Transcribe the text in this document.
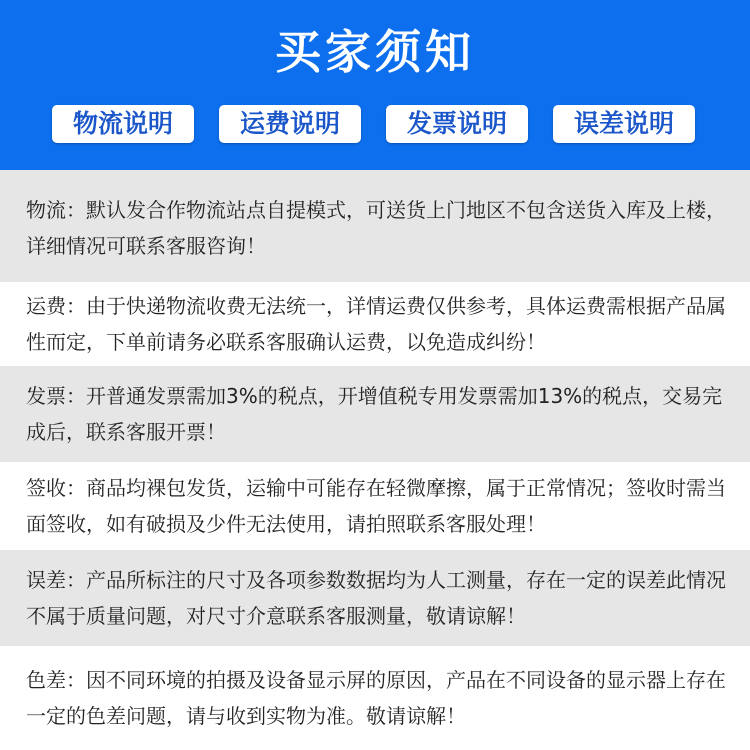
买家须知
物流说明	运费说明	发票说明	误差说明

物流：默认发合作物流站点自提模式，可送货上门地区不包含送货入库及上楼，详细情况可联系客服咨询！

运费：由于快递物流收费无法统一，详情运费仅供参考，具体运费需根据产品属性而定，下单前请务必联系客服确认运费，以免造成纠纷！

发票：开普通发票需加3%的税点，开增值税专用发票需加13%的税点，交易完成后，联系客服开票！

签收：商品均裸包发货，运输中可能存在轻微摩擦，属于正常情况；签收时需当面签收，如有破损及少件无法使用，请拍照联系客服处理！

误差：产品所标注的尺寸及各项参数数据均为人工测量，存在一定的误差此情况不属于质量问题，对尺寸介意联系客服测量，敬请谅解！

色差：因不同环境的拍摄及设备显示屏的原因，产品在不同设备的显示器上存在一定的色差问题，请与收到实物为准。敬请谅解！
